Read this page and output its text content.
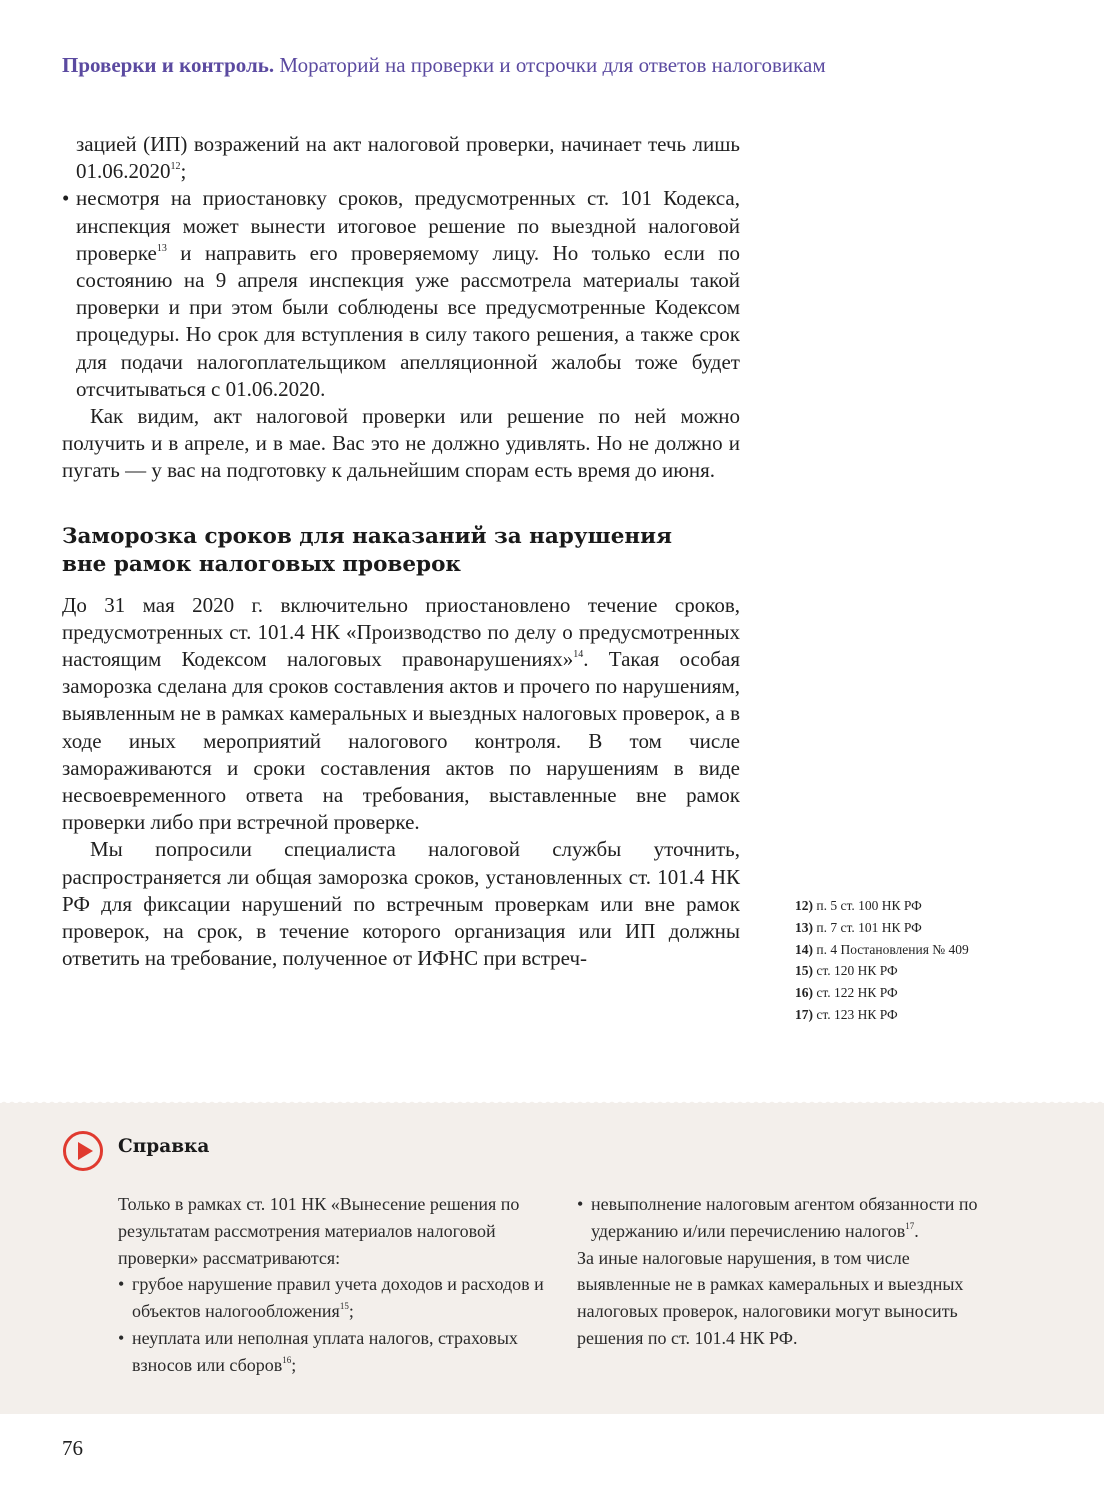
Проверки и контроль. Мораторий на проверки и отсрочки для ответов налоговикам

зацией (ИП) возражений на акт налоговой проверки, начинает течь лишь 01.06.2020$^{12}$;

• несмотря на приостановку сроков, предусмотренных ст. 101 Кодекса, инспекция может вынести итоговое решение по выездной налоговой проверке$^{13}$ и направить его проверяемому лицу. Но только если по состоянию на 9 апреля инспекция уже рассмотрела материалы такой проверки и при этом были соблюдены все предусмотренные Кодексом процедуры. Но срок для вступления в силу такого решения, а также срок для подачи налогоплательщиком апелляционной жалобы тоже будет отсчитываться с 01.06.2020.

Как видим, акт налоговой проверки или решение по ней можно получить и в апреле, и в мае. Вас это не должно удивлять. Но не должно и пугать — у вас на подготовку к дальнейшим спорам есть время до июня.

Заморозка сроков для наказаний за нарушения
вне рамок налоговых проверок

До 31 мая 2020 г. включительно приостановлено течение сроков, предусмотренных ст. 101.4 НК «Производство по делу о предусмотренных настоящим Кодексом налоговых правонарушениях»$^{14}$. Такая особая заморозка сделана для сроков составления актов и прочего по нарушениям, выявленным не в рамках камеральных и выездных налоговых проверок, а в ходе иных мероприятий налогового контроля. В том числе замораживаются и сроки составления актов по нарушениям в виде несвоевременного ответа на требования, выставленные вне рамок проверки либо при встречной проверке.

Мы попросили специалиста налоговой службы уточнить, распространяется ли общая заморозка сроков, установленных ст. 101.4 НК РФ для фиксации нарушений по встречным проверкам или вне рамок проверок, на срок, в течение которого организация или ИП должны ответить на требование, полученное от ИФНС при встреч-

12) п. 5 ст. 100 НК РФ
13) п. 7 ст. 101 НК РФ
14) п. 4 Постановления № 409
15) ст. 120 НК РФ
16) ст. 122 НК РФ
17) ст. 123 НК РФ
Справка

Только в рамках ст. 101 НК «Вынесение решения по результатам рассмотрения материалов налоговой проверки» рассматриваются:

• грубое нарушение правил учета доходов и расходов и объектов налогообложения$^{15}$;

• неуплата или неполная уплата налогов, страховых взносов или сборов$^{16}$;

• невыполнение налоговым агентом обязанности по удержанию и/или перечислению налогов$^{17}$.

За иные налоговые нарушения, в том числе выявленные не в рамках камеральных и выездных налоговых проверок, налоговики могут выносить решения по ст. 101.4 НК РФ.

76
